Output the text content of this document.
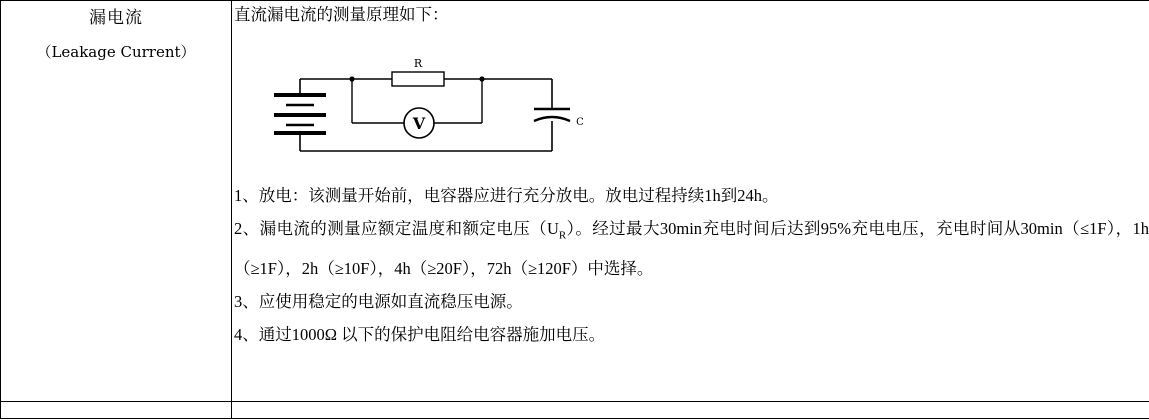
漏电流
（Leakage Current）

直流漏电流的测量原理如下：

R
V	C

1、放电：该测量开始前，电容器应进行充分放电。放电过程持续1h到24h。

2、漏电流的测量应额定温度和额定电压$(U_R)$。经过最大30min充电时间后达到95%充电电压，充电时间从30min（≤1F），1h（≥1F），2h（≥10F），4h（≥20F），72h（≥120F）中选择。

3、应使用稳定的电源如直流稳压电源。

4、通过1000Ω 以下的保护电阻给电容器施加电压。
